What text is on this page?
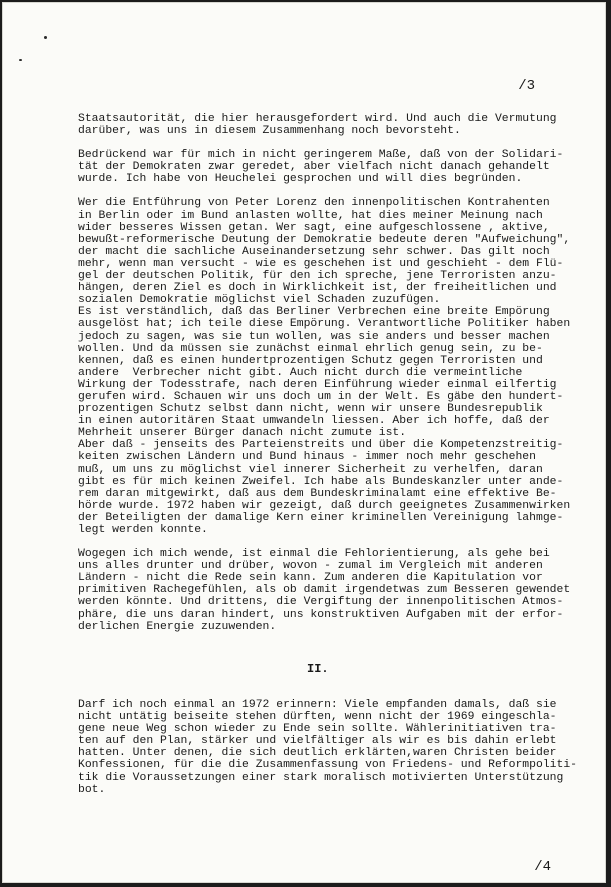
/3

Staatsautorität, die hier herausgefordert wird. Und auch die Vermutung
darüber, was uns in diesem Zusammenhang noch bevorsteht.

Bedrückend war für mich in nicht geringerem Maße, daß von der Solidari-
tät der Demokraten zwar geredet, aber vielfach nicht danach gehandelt
wurde. Ich habe von Heuchelei gesprochen und will dies begründen.

Wer die Entführung von Peter Lorenz den innenpolitischen Kontrahenten
in Berlin oder im Bund anlasten wollte, hat dies meiner Meinung nach
wider besseres Wissen getan. Wer sagt, eine aufgeschlossene , aktive,
bewußt-reformerische Deutung der Demokratie bedeute deren "Aufweichung",
der macht die sachliche Auseinandersetzung sehr schwer. Das gilt noch
mehr, wenn man versucht - wie es geschehen ist und geschieht - dem Flü-
gel der deutschen Politik, für den ich spreche, jene Terroristen anzu-
hängen, deren Ziel es doch in Wirklichkeit ist, der freiheitlichen und
sozialen Demokratie möglichst viel Schaden zuzufügen.
Es ist verständlich, daß das Berliner Verbrechen eine breite Empörung
ausgelöst hat; ich teile diese Empörung. Verantwortliche Politiker haben
jedoch zu sagen, was sie tun wollen, was sie anders und besser machen
wollen. Und da müssen sie zunächst einmal ehrlich genug sein, zu be-
kennen, daß es einen hundertprozentigen Schutz gegen Terroristen und
andere  Verbrecher nicht gibt. Auch nicht durch die vermeintliche
Wirkung der Todesstrafe, nach deren Einführung wieder einmal eilfertig
gerufen wird. Schauen wir uns doch um in der Welt. Es gäbe den hundert-
prozentigen Schutz selbst dann nicht, wenn wir unsere Bundesrepublik
in einen autoritären Staat umwandeln liessen. Aber ich hoffe, daß der
Mehrheit unserer Bürger danach nicht zumute ist.
Aber daß - jenseits des Parteienstreits und über die Kompetenzstreitig-
keiten zwischen Ländern und Bund hinaus - immer noch mehr geschehen
muß, um uns zu möglichst viel innerer Sicherheit zu verhelfen, daran
gibt es für mich keinen Zweifel. Ich habe als Bundeskanzler unter ande-
rem daran mitgewirkt, daß aus dem Bundeskriminalamt eine effektive Be-
hörde wurde. 1972 haben wir gezeigt, daß durch geeignetes Zusammenwirken
der Beteiligten der damalige Kern einer kriminellen Vereinigung lahmge-
legt werden konnte.

Wogegen ich mich wende, ist einmal die Fehlorientierung, als gehe bei
uns alles drunter und drüber, wovon - zumal im Vergleich mit anderen
Ländern - nicht die Rede sein kann. Zum anderen die Kapitulation vor
primitiven Rachegefühlen, als ob damit irgendetwas zum Besseren gewendet
werden könnte. Und drittens, die Vergiftung der innenpolitischen Atmos-
phäre, die uns daran hindert, uns konstruktiven Aufgaben mit der erfor-
derlichen Energie zuzuwenden.

II.

Darf ich noch einmal an 1972 erinnern: Viele empfanden damals, daß sie
nicht untätig beiseite stehen dürften, wenn nicht der 1969 eingeschla-
gene neue Weg schon wieder zu Ende sein sollte. Wählerinitiativen tra-
ten auf den Plan, stärker und vielfältiger als wir es bis dahin erlebt
hatten. Unter denen, die sich deutlich erklärten,waren Christen beider
Konfessionen, für die die Zusammenfassung von Friedens- und Reformpoliti-
tik die Voraussetzungen einer stark moralisch motivierten Unterstützung
bot.

/4
